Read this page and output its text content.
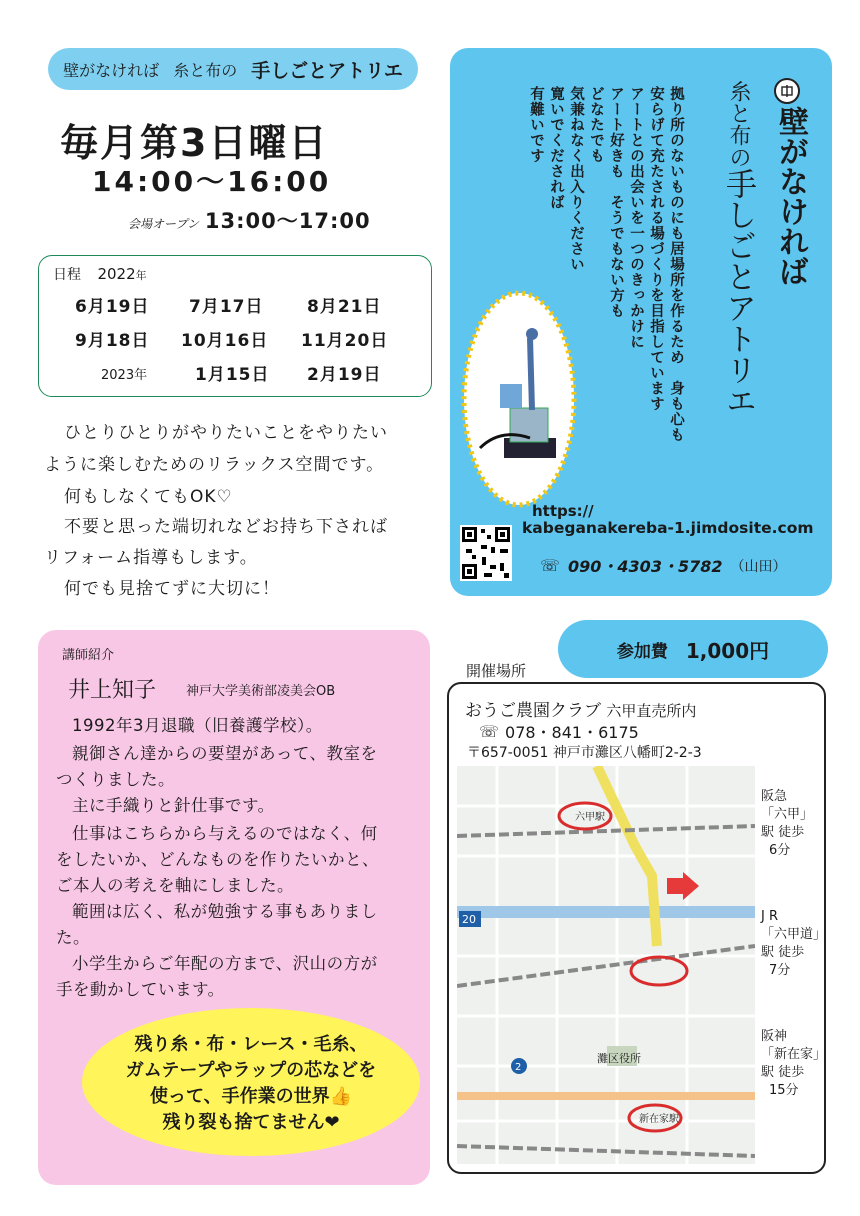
壁がなければ 糸と布の 手しごとアトリエ
毎月第3日曜日
14:00〜16:00
会場オープン 13:00〜17:00
日程 2022年
6月19日 7月17日	8月21日
9月18日 10月16日 11月20日
2023年	1月15日 2月19日
ひとりひとりがやりたいことをやりたい
ように楽しむためのリラックス空間です。
何もしなくてもOK♡
不要と思った端切れなどお持ち下されば
リフォーム指導もします。
何でも見捨てずに大切に！
壁がなければ
糸と布の手しごとアトリエ
拠り所のないものにも居場所を作るため　身も心も
安らげて充たされる場づくりを目指しています
アートとの出会いを一つのきっかけに
アート好きも　そうでもない方も
どなたでも
気兼ねなく出入りください
寛いでくだされば
有難いです
https://
kabeganakereba-1.jimdosite.com
☏ 090・4303・5782 （山田）
講師紹介
井上知子 神戸大学美術部凌美会OB
1992年3月退職（旧養護学校）。
親御さん達からの要望があって、教室を
つくりました。
主に手織りと針仕事です。
仕事はこちらから与えるのではなく、何
をしたいか、どんなものを作りたいかと、
ご本人の考えを軸にしました。
範囲は広く、私が勉強する事もありまし
た。
小学生からご年配の方まで、沢山の方が
手を動かしています。
残り糸・布・レース・毛糸、
ガムテープやラップの芯などを
使って、手作業の世界👍
残り裂も捨てません❤
参加費 1,000円
開催場所
おうご農園クラブ 六甲直売所内
☏ 078・841・6175
〒657-0051 神戸市灘区八幡町2-2-3
六甲駅
20
2
灘区役所
新在家駅
阪急
「六甲」
駅 徒歩
6分
J R
「六甲道」
駅 徒歩
7分
阪神
「新在家」
駅 徒歩
15分
